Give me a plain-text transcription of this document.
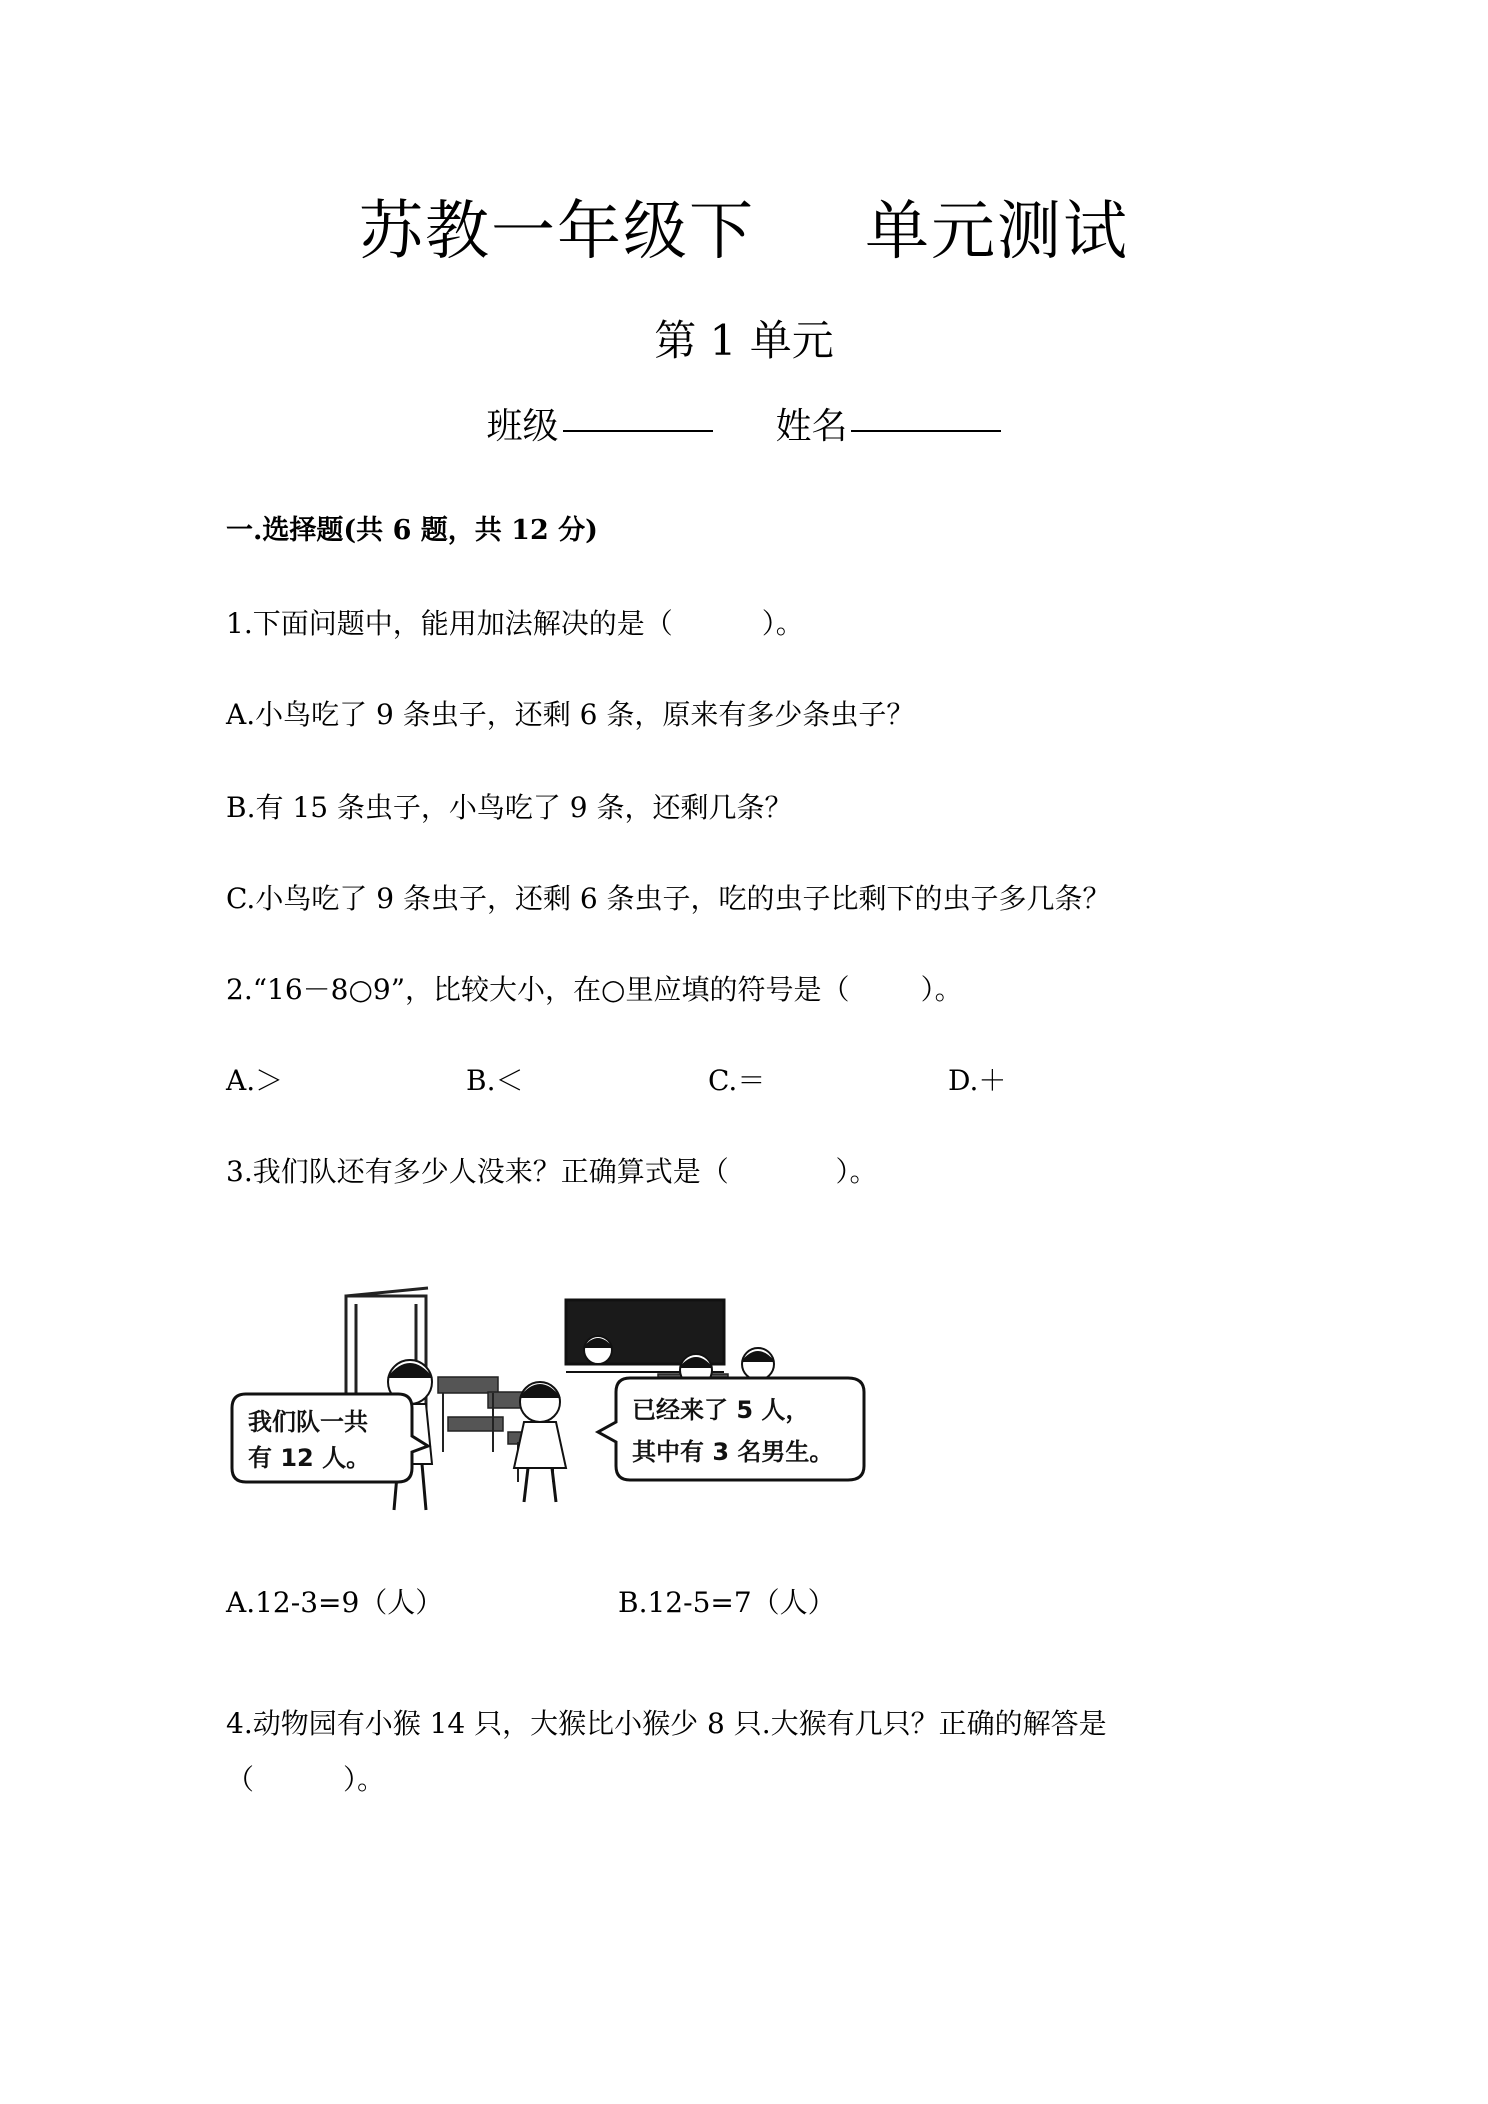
苏教一年级下 单元测试
第 1 单元
班级	姓名
一.选择题(共 6 题，共 12 分)
1.下面问题中，能用加法解决的是（          ）。
A.小鸟吃了 9 条虫子，还剩 6 条，原来有多少条虫子？
B.有 15 条虫子，小鸟吃了 9 条，还剩几条？
C.小鸟吃了 9 条虫子，还剩 6 条虫子，吃的虫子比剩下的虫子多几条？
2.“16－8○9”，比较大小，在○里应填的符号是（        ）。
A.＞	B.＜	C.＝	D.＋
3.我们队还有多少人没来？正确算式是（            ）。
我们队一共
有 12 人。
已经来了 5 人，
其中有 3 名男生。
A.12-3=9（人）	B.12-5=7（人）
4.动物园有小猴 14 只，大猴比小猴少 8 只.大猴有几只？正确的解答是
（          ）。
